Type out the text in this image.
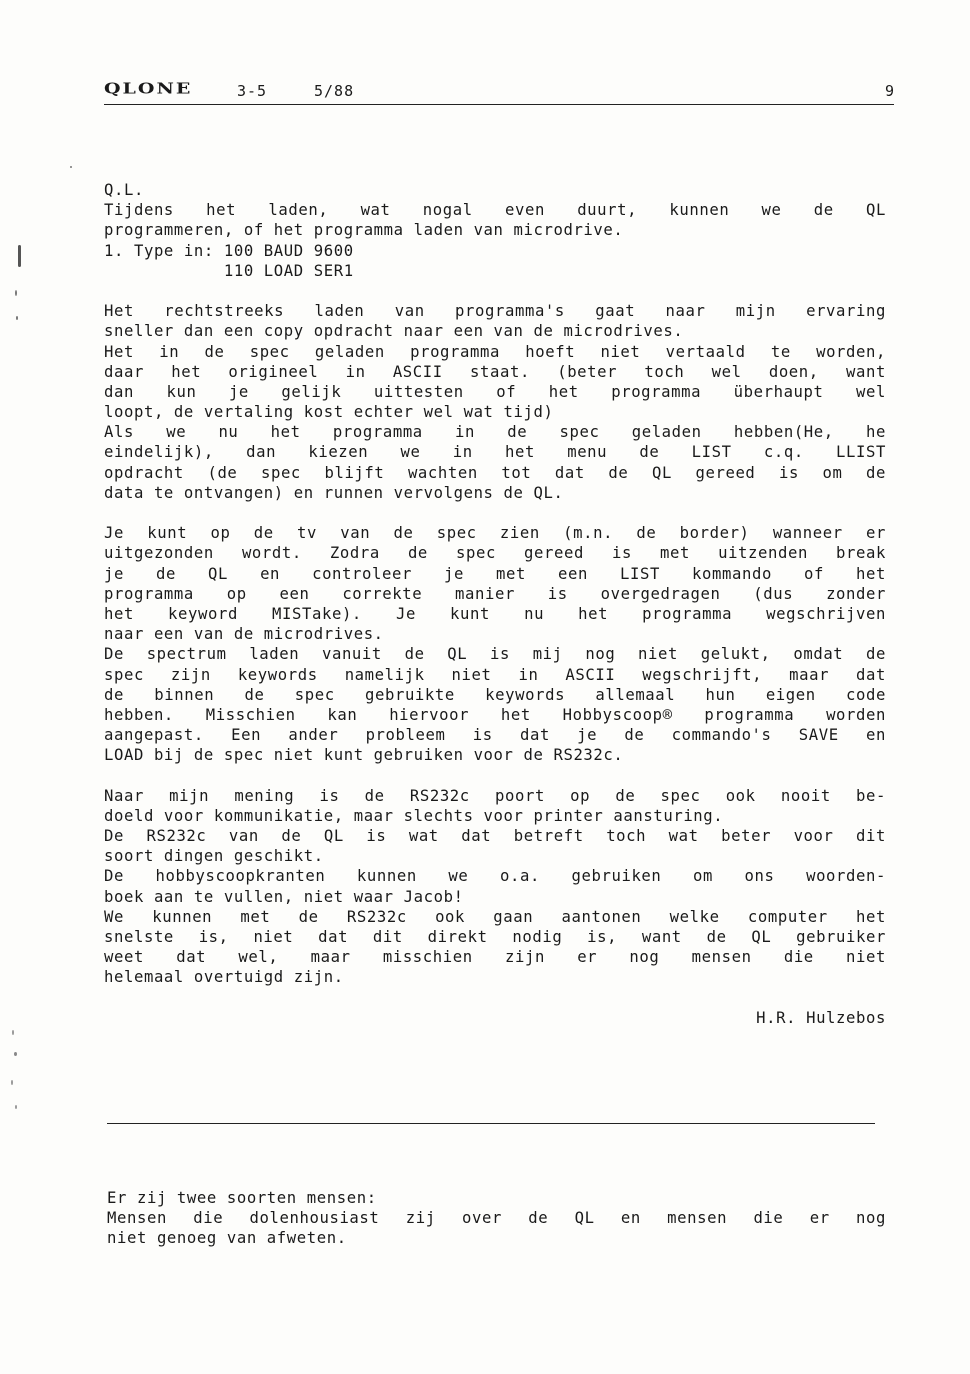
QLONE	3-5	5/88	9
Q.L.
Tijdens het laden, wat nogal even duurt, kunnen we de QL
programmeren, of het programma laden van microdrive.
1. Type in: 100 BAUD 9600
110 LOAD SER1
Het rechtstreeks laden van programma's gaat naar mijn ervaring
sneller dan een copy opdracht naar een van de microdrives.
Het in de spec geladen programma hoeft niet vertaald te worden,
daar het origineel in ASCII staat. (beter toch wel doen, want
dan kun je gelijk uittesten of het programma überhaupt wel
loopt, de vertaling kost echter wel wat tijd)
Als we nu het programma in de spec geladen hebben(He, he
eindelijk), dan kiezen we in het menu de LIST c.q. LLIST
opdracht (de spec blijft wachten tot dat de QL gereed is om de
data te ontvangen) en runnen vervolgens de QL.
Je kunt op de tv van de spec zien (m.n. de border) wanneer er
uitgezonden wordt. Zodra de spec gereed is met uitzenden break
je de QL en controleer je met een LIST kommando of het
programma op een correkte manier is overgedragen (dus zonder
het keyword MISTake). Je kunt nu het programma wegschrijven
naar een van de microdrives.
De spectrum laden vanuit de QL is mij nog niet gelukt, omdat de
spec zijn keywords namelijk niet in ASCII wegschrijft, maar dat
de binnen de spec gebruikte keywords allemaal hun eigen code
hebben. Misschien kan hiervoor het Hobbyscoop® programma worden
aangepast. Een ander probleem is dat je de commando's SAVE en
LOAD bij de spec niet kunt gebruiken voor de RS232c.
Naar mijn mening is de RS232c poort op de spec ook nooit be-
doeld voor kommunikatie, maar slechts voor printer aansturing.
De RS232c van de QL is wat dat betreft toch wat beter voor dit
soort dingen geschikt.
De hobbyscoopkranten kunnen we o.a. gebruiken om ons woorden-
boek aan te vullen, niet waar Jacob!
We kunnen met de RS232c ook gaan aantonen welke computer het
snelste is, niet dat dit direkt nodig is, want de QL gebruiker
weet dat wel, maar misschien zijn er nog mensen die niet
helemaal overtuigd zijn.
H.R. Hulzebos
Er zij twee soorten mensen:
Mensen die dolenhousiast zij over de QL en mensen die er nog
niet genoeg van afweten.
